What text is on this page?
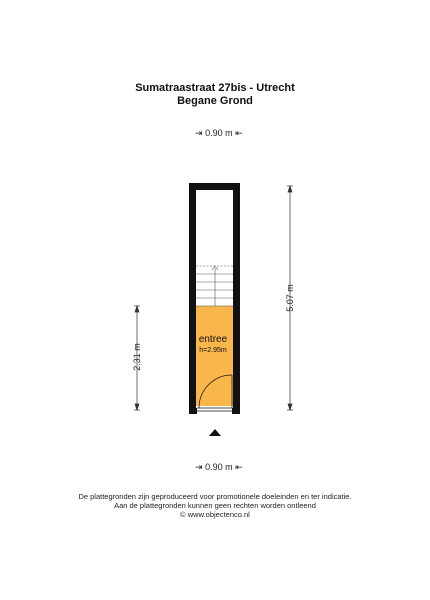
Sumatraastraat 27bis - Utrecht
Begane Grond
⇥ 0.90 m ⇤
5.07 m
2.31 m
entree
h=2.95m
⇥ 0.90 m ⇤
De plattegronden zijn geproduceerd voor promotionele doeleinden en ter indicatie.
Aan de plattegronden kunnen geen rechten worden ontleend
© www.objectenco.nl
